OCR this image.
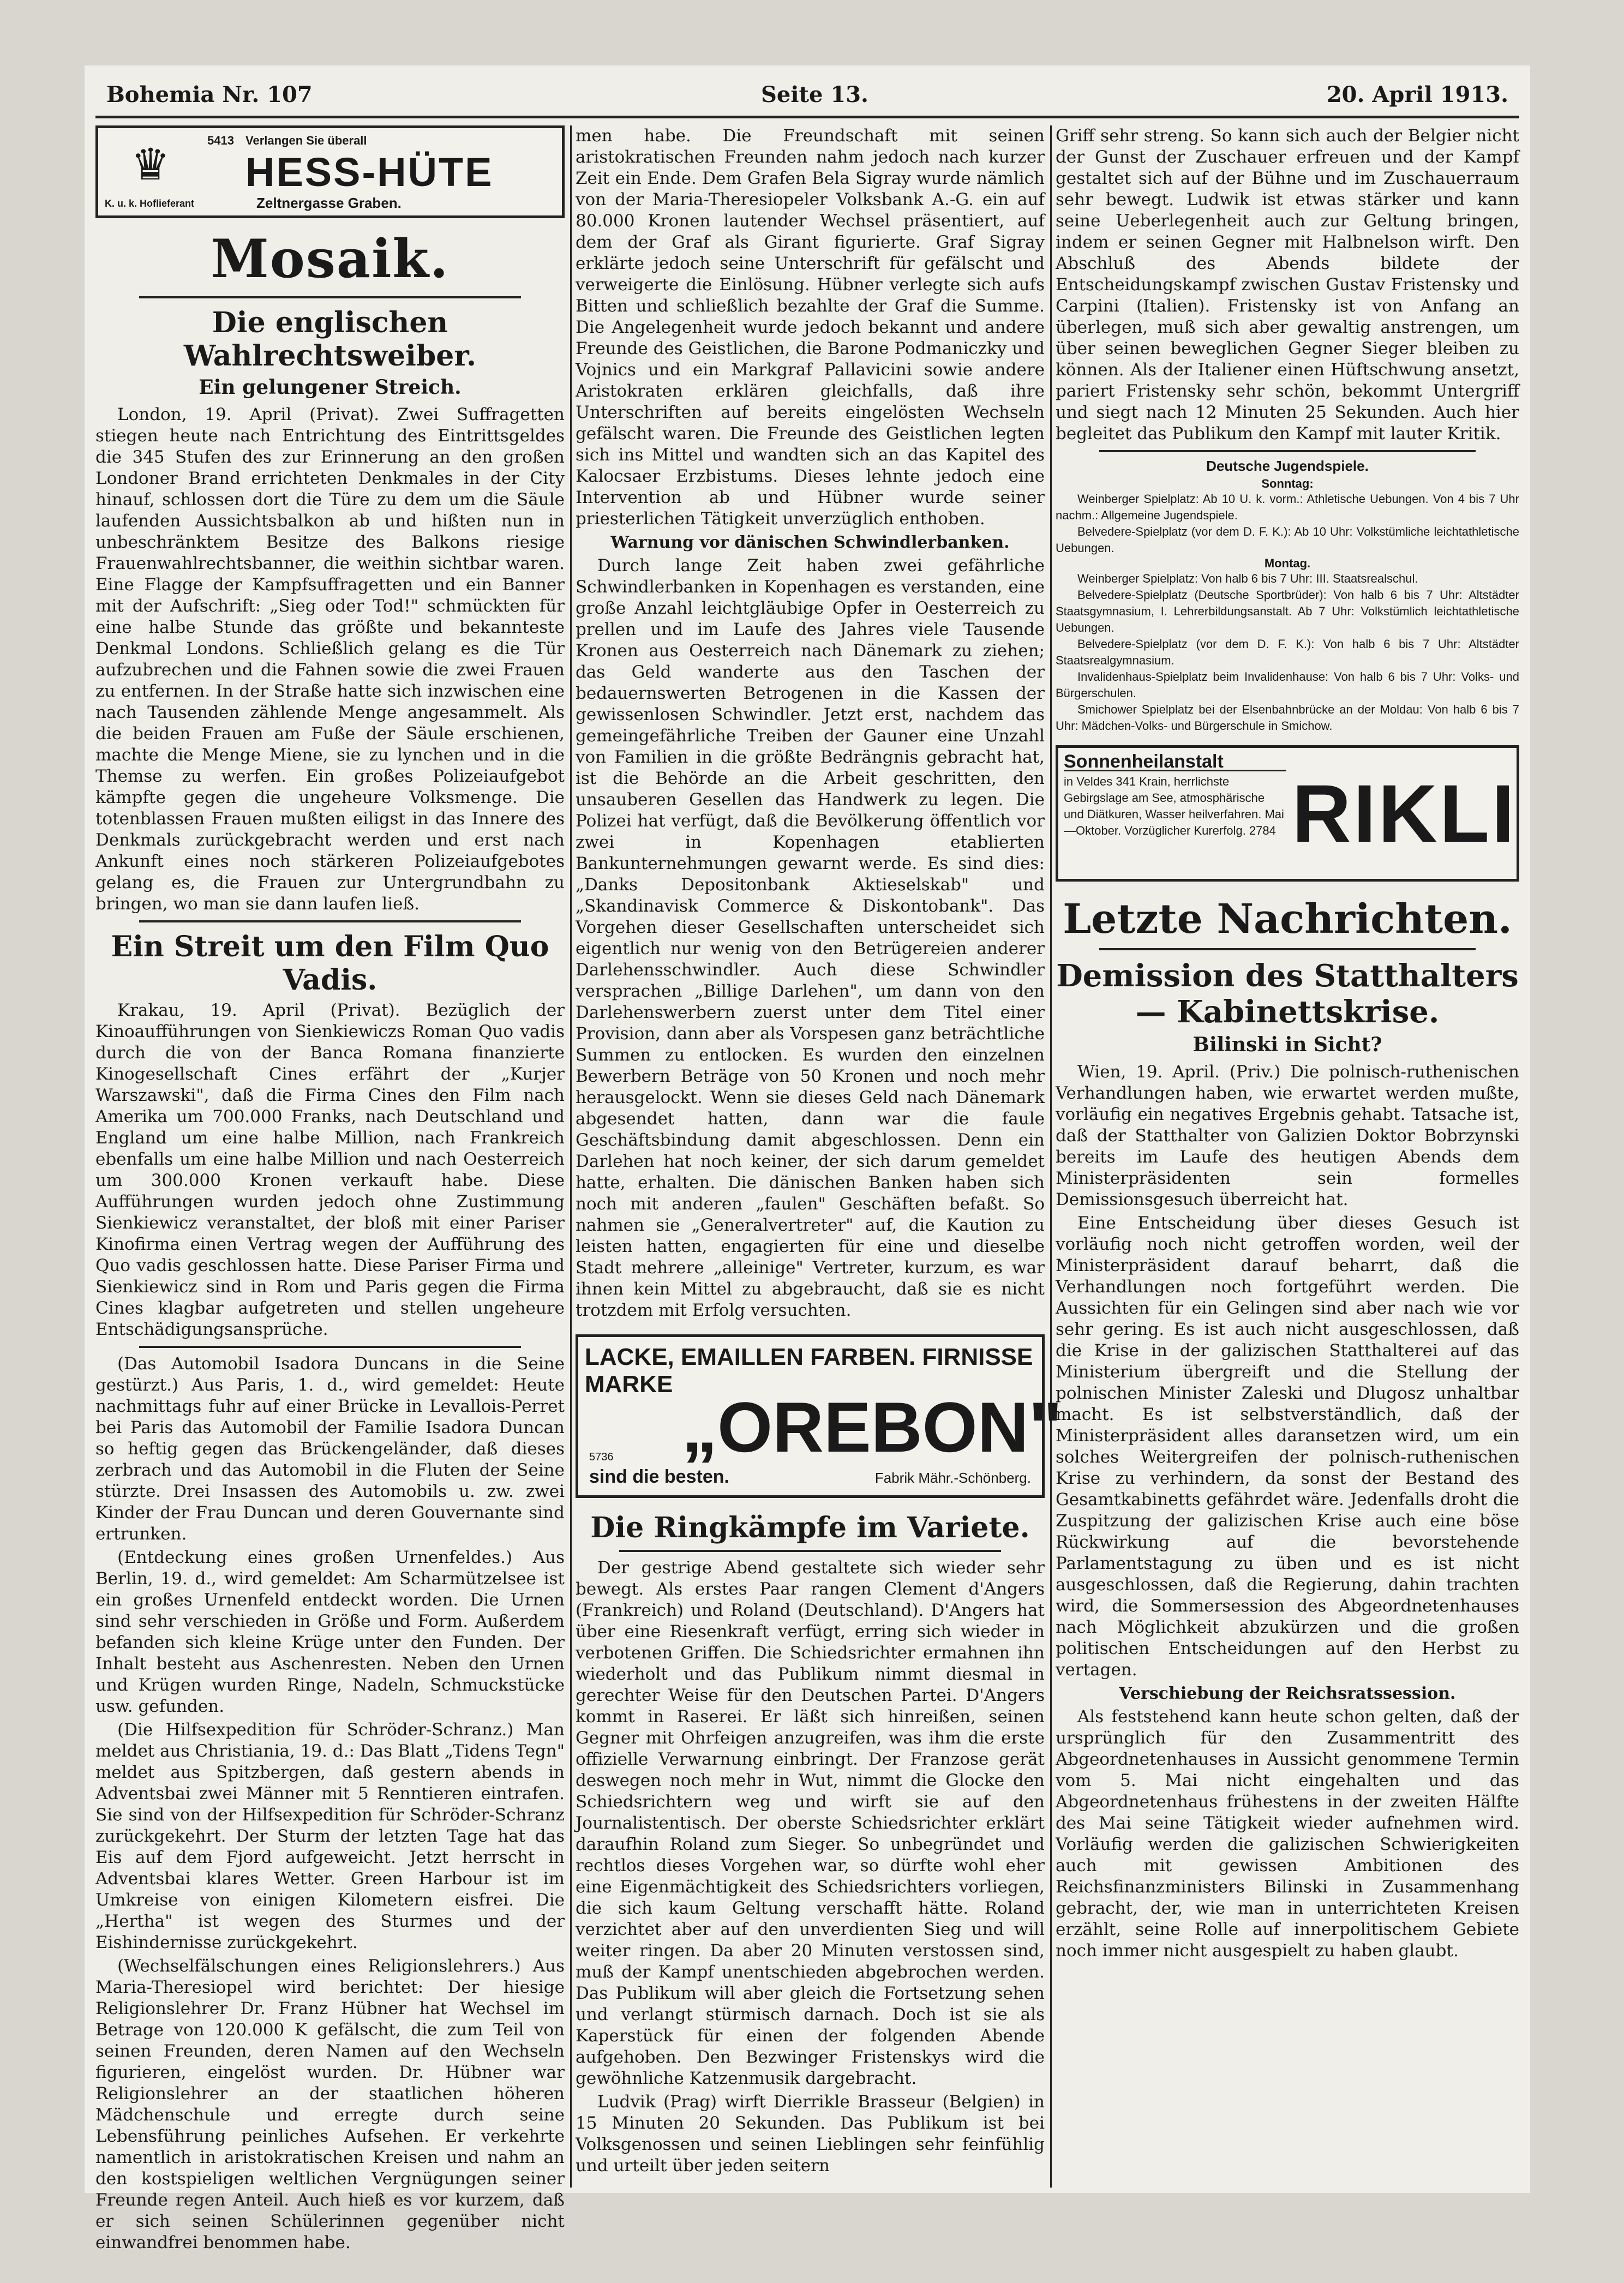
Bohemia Nr. 107	Seite 13.	20. April 1913.
♛	Verlangen Sie überall
5413
HESS-HÜTE
Zeltnergasse Graben.
K. u. k. Hoflieferant
Mosaik.
Die englischen Wahlrechtsweiber.
Ein gelungener Streich.

London, 19. April (Privat). Zwei Suffragetten stiegen heute nach Entrichtung des Eintrittsgeldes die 345 Stufen des zur Erinnerung an den großen Londoner Brand errichteten Denkmales in der City hinauf, schlossen dort die Türe zu dem um die Säule laufenden Aussichtsbalkon ab und hißten nun in unbeschränktem Besitze des Balkons riesige Frauenwahlrechtsbanner, die weithin sichtbar waren. Eine Flagge der Kampfsuffragetten und ein Banner mit der Aufschrift: „Sieg oder Tod!" schmückten für eine halbe Stunde das größte und bekannteste Denkmal Londons. Schließlich gelang es die Tür aufzubrechen und die Fahnen sowie die zwei Frauen zu entfernen. In der Straße hatte sich inzwischen eine nach Tausenden zählende Menge angesammelt. Als die beiden Frauen am Fuße der Säule erschienen, machte die Menge Miene, sie zu lynchen und in die Themse zu werfen. Ein großes Polizeiaufgebot kämpfte gegen die ungeheure Volksmenge. Die totenblassen Frauen mußten eiligst in das Innere des Denkmals zurückgebracht werden und erst nach Ankunft eines noch stärkeren Polizeiaufgebotes gelang es, die Frauen zur Untergrundbahn zu bringen, wo man sie dann laufen ließ.

Ein Streit um den Film Quo Vadis.

Krakau, 19. April (Privat). Bezüglich der Kinoaufführungen von Sienkiewiczs Roman Quo vadis durch die von der Banca Romana finanzierte Kinogesellschaft Cines erfährt der „Kurjer Warszawski", daß die Firma Cines den Film nach Amerika um 700.000 Franks, nach Deutschland und England um eine halbe Million, nach Frankreich ebenfalls um eine halbe Million und nach Oesterreich um 300.000 Kronen verkauft habe. Diese Aufführungen wurden jedoch ohne Zustimmung Sienkiewicz veranstaltet, der bloß mit einer Pariser Kinofirma einen Vertrag wegen der Aufführung des Quo vadis geschlossen hatte. Diese Pariser Firma und Sienkiewicz sind in Rom und Paris gegen die Firma Cines klagbar aufgetreten und stellen ungeheure Entschädigungsansprüche.

(Das Automobil Isadora Duncans in die Seine gestürzt.) Aus Paris, 1. d., wird gemeldet: Heute nachmittags fuhr auf einer Brücke in Levallois-Perret bei Paris das Automobil der Familie Isadora Duncan so heftig gegen das Brückengeländer, daß dieses zerbrach und das Automobil in die Fluten der Seine stürzte. Drei Insassen des Automobils u. zw. zwei Kinder der Frau Duncan und deren Gouvernante sind ertrunken.

(Entdeckung eines großen Urnenfeldes.) Aus Berlin, 19. d., wird gemeldet: Am Scharmützelsee ist ein großes Urnenfeld entdeckt worden. Die Urnen sind sehr verschieden in Größe und Form. Außerdem befanden sich kleine Krüge unter den Funden. Der Inhalt besteht aus Aschenresten. Neben den Urnen und Krügen wurden Ringe, Nadeln, Schmuckstücke usw. gefunden.

(Die Hilfsexpedition für Schröder-Schranz.) Man meldet aus Christiania, 19. d.: Das Blatt „Tidens Tegn" meldet aus Spitzbergen, daß gestern abends in Adventsbai zwei Männer mit 5 Renntieren eintrafen. Sie sind von der Hilfsexpedition für Schröder-Schranz zurückgekehrt. Der Sturm der letzten Tage hat das Eis auf dem Fjord aufgeweicht. Jetzt herrscht in Adventsbai klares Wetter. Green Harbour ist im Umkreise von einigen Kilometern eisfrei. Die „Hertha" ist wegen des Sturmes und der Eishindernisse zurückgekehrt.

(Wechselfälschungen eines Religionslehrers.) Aus Maria-Theresiopel wird berichtet: Der hiesige Religionslehrer Dr. Franz Hübner hat Wechsel im Betrage von 120.000 K gefälscht, die zum Teil von seinen Freunden, deren Namen auf den Wechseln figurieren, eingelöst wurden. Dr. Hübner war Religionslehrer an der staatlichen höheren Mädchenschule und erregte durch seine Lebensführung peinliches Aufsehen. Er verkehrte namentlich in aristokratischen Kreisen und nahm an den kostspieligen weltlichen Vergnügungen seiner Freunde regen Anteil. Auch hieß es vor kurzem, daß er sich seinen Schülerinnen gegenüber nicht einwandfrei benommen habe.

men habe. Die Freundschaft mit seinen aristokratischen Freunden nahm jedoch nach kurzer Zeit ein Ende. Dem Grafen Bela Sigray wurde nämlich von der Maria-Theresiopeler Volksbank A.-G. ein auf 80.000 Kronen lautender Wechsel präsentiert, auf dem der Graf als Girant figurierte. Graf Sigray erklärte jedoch seine Unterschrift für gefälscht und verweigerte die Einlösung. Hübner verlegte sich aufs Bitten und schließlich bezahlte der Graf die Summe. Die Angelegenheit wurde jedoch bekannt und andere Freunde des Geistlichen, die Barone Podmaniczky und Vojnics und ein Markgraf Pallavicini sowie andere Aristokraten erklären gleichfalls, daß ihre Unterschriften auf bereits eingelösten Wechseln gefälscht waren. Die Freunde des Geistlichen legten sich ins Mittel und wandten sich an das Kapitel des Kalocsaer Erzbistums. Dieses lehnte jedoch eine Intervention ab und Hübner wurde seiner priesterlichen Tätigkeit unverzüglich enthoben.

Warnung vor dänischen Schwindlerbanken.

Durch lange Zeit haben zwei gefährliche Schwindlerbanken in Kopenhagen es verstanden, eine große Anzahl leichtgläubige Opfer in Oesterreich zu prellen und im Laufe des Jahres viele Tausende Kronen aus Oesterreich nach Dänemark zu ziehen; das Geld wanderte aus den Taschen der bedauernswerten Betrogenen in die Kassen der gewissenlosen Schwindler. Jetzt erst, nachdem das gemeingefährliche Treiben der Gauner eine Unzahl von Familien in die größte Bedrängnis gebracht hat, ist die Behörde an die Arbeit geschritten, den unsauberen Gesellen das Handwerk zu legen. Die Polizei hat verfügt, daß die Bevölkerung öffentlich vor zwei in Kopenhagen etablierten Bankunternehmungen gewarnt werde. Es sind dies: „Danks Depositonbank Aktieselskab" und „Skandinavisk Commerce & Diskontobank". Das Vorgehen dieser Gesellschaften unterscheidet sich eigentlich nur wenig von den Betrügereien anderer Darlehensschwindler. Auch diese Schwindler versprachen „Billige Darlehen", um dann von den Darlehenswerbern zuerst unter dem Titel einer Provision, dann aber als Vorspesen ganz beträchtliche Summen zu entlocken. Es wurden den einzelnen Bewerbern Beträge von 50 Kronen und noch mehr herausgelockt. Wenn sie dieses Geld nach Dänemark abgesendet hatten, dann war die faule Geschäftsbindung damit abgeschlossen. Denn ein Darlehen hat noch keiner, der sich darum gemeldet hatte, erhalten. Die dänischen Banken haben sich noch mit anderen „faulen" Geschäften befaßt. So nahmen sie „Generalvertreter" auf, die Kaution zu leisten hatten, engagierten für eine und dieselbe Stadt mehrere „alleinige" Vertreter, kurzum, es war ihnen kein Mittel zu abgebraucht, daß sie es nicht trotzdem mit Erfolg versuchten.

LACKE, EMAILLEN FARBEN. FIRNISSE
MARKE
„OREBON"
5736
sind die besten.	Fabrik Mähr.-Schönberg.
Die Ringkämpfe im Variete.

Der gestrige Abend gestaltete sich wieder sehr bewegt. Als erstes Paar rangen Clement d'Angers (Frankreich) und Roland (Deutschland). D'Angers hat über eine Riesenkraft verfügt, erring sich wieder in verbotenen Griffen. Die Schiedsrichter ermahnen ihn wiederholt und das Publikum nimmt diesmal in gerechter Weise für den Deutschen Partei. D'Angers kommt in Raserei. Er läßt sich hinreißen, seinen Gegner mit Ohrfeigen anzugreifen, was ihm die erste offizielle Verwarnung einbringt. Der Franzose gerät deswegen noch mehr in Wut, nimmt die Glocke den Schiedsrichtern weg und wirft sie auf den Journalistentisch. Der oberste Schiedsrichter erklärt daraufhin Roland zum Sieger. So unbegründet und rechtlos dieses Vorgehen war, so dürfte wohl eher eine Eigenmächtigkeit des Schiedsrichters vorliegen, die sich kaum Geltung verschafft hätte. Roland verzichtet aber auf den unverdienten Sieg und will weiter ringen. Da aber 20 Minuten verstossen sind, muß der Kampf unentschieden abgebrochen werden. Das Publikum will aber gleich die Fortsetzung sehen und verlangt stürmisch darnach. Doch ist sie als Kaperstück für einen der folgenden Abende aufgehoben. Den Bezwinger Fristenskys wird die gewöhnliche Katzenmusik dargebracht.

Ludvik (Prag) wirft Dierrikle Brasseur (Belgien) in 15 Minuten 20 Sekunden. Das Publikum ist bei Volksgenossen und seinen Lieblingen sehr feinfühlig und urteilt über jeden seitern

Griff sehr streng. So kann sich auch der Belgier nicht der Gunst der Zuschauer erfreuen und der Kampf gestaltet sich auf der Bühne und im Zuschauerraum sehr bewegt. Ludwik ist etwas stärker und kann seine Ueberlegenheit auch zur Geltung bringen, indem er seinen Gegner mit Halbnelson wirft. Den Abschluß des Abends bildete der Entscheidungskampf zwischen Gustav Fristensky und Carpini (Italien). Fristensky ist von Anfang an überlegen, muß sich aber gewaltig anstrengen, um über seinen beweglichen Gegner Sieger bleiben zu können. Als der Italiener einen Hüftschwung ansetzt, pariert Fristensky sehr schön, bekommt Untergriff und siegt nach 12 Minuten 25 Sekunden. Auch hier begleitet das Publikum den Kampf mit lauter Kritik.

Deutsche Jugendspiele.
Sonntag:

Weinberger Spielplatz: Ab 10 U. k. vorm.: Athletische Uebungen. Von 4 bis 7 Uhr nachm.: Allgemeine Jugendspiele.

Belvedere-Spielplatz (vor dem D. F. K.): Ab 10 Uhr: Volkstümliche leichtathletische Uebungen.

Montag.

Weinberger Spielplatz: Von halb 6 bis 7 Uhr: III. Staatsrealschul.

Belvedere-Spielplatz (Deutsche Sportbrüder): Von halb 6 bis 7 Uhr: Altstädter Staatsgymnasium, I. Lehrerbildungsanstalt. Ab 7 Uhr: Volkstümlich leichtathletische Uebungen.

Belvedere-Spielplatz (vor dem D. F. K.): Von halb 6 bis 7 Uhr: Altstädter Staatsrealgymnasium.

Invalidenhaus-Spielplatz beim Invalidenhause: Von halb 6 bis 7 Uhr: Volks- und Bürgerschulen.

Smichower Spielplatz bei der Elsenbahnbrücke an der Moldau: Von halb 6 bis 7 Uhr: Mädchen-Volks- und Bürgerschule in Smichow.

Sonnenheilanstalt
in Veldes 341 Krain, herrlichste Gebirgslage am See, atmosphärische und Diätkuren, Wasser heilverfahren. Mai—Oktober. Vorzüglicher Kurerfolg. 2784 RIKLI
Letzte Nachrichten.
Demission des Statthalters — Kabinettskrise.
Bilinski in Sicht?

Wien, 19. April. (Priv.) Die polnisch-ruthenischen Verhandlungen haben, wie erwartet werden mußte, vorläufig ein negatives Ergebnis gehabt. Tatsache ist, daß der Statthalter von Galizien Doktor Bobrzynski bereits im Laufe des heutigen Abends dem Ministerpräsidenten sein formelles Demissionsgesuch überreicht hat.

Eine Entscheidung über dieses Gesuch ist vorläufig noch nicht getroffen worden, weil der Ministerpräsident darauf beharrt, daß die Verhandlungen noch fortgeführt werden. Die Aussichten für ein Gelingen sind aber nach wie vor sehr gering. Es ist auch nicht ausgeschlossen, daß die Krise in der galizischen Statthalterei auf das Ministerium übergreift und die Stellung der polnischen Minister Zaleski und Dlugosz unhaltbar macht. Es ist selbstverständlich, daß der Ministerpräsident alles daransetzen wird, um ein solches Weitergreifen der polnisch-ruthenischen Krise zu verhindern, da sonst der Bestand des Gesamtkabinetts gefährdet wäre. Jedenfalls droht die Zuspitzung der galizischen Krise auch eine böse Rückwirkung auf die bevorstehende Parlamentstagung zu üben und es ist nicht ausgeschlossen, daß die Regierung, dahin trachten wird, die Sommersession des Abgeordnetenhauses nach Möglichkeit abzukürzen und die großen politischen Entscheidungen auf den Herbst zu vertagen.

Verschiebung der Reichsratssession.

Als feststehend kann heute schon gelten, daß der ursprünglich für den Zusammentritt des Abgeordnetenhauses in Aussicht genommene Termin vom 5. Mai nicht eingehalten und das Abgeordnetenhaus frühestens in der zweiten Hälfte des Mai seine Tätigkeit wieder aufnehmen wird. Vorläufig werden die galizischen Schwierigkeiten auch mit gewissen Ambitionen des Reichsfinanzministers Bilinski in Zusammenhang gebracht, der, wie man in unterrichteten Kreisen erzählt, seine Rolle auf innerpolitischem Gebiete noch immer nicht ausgespielt zu haben glaubt.
